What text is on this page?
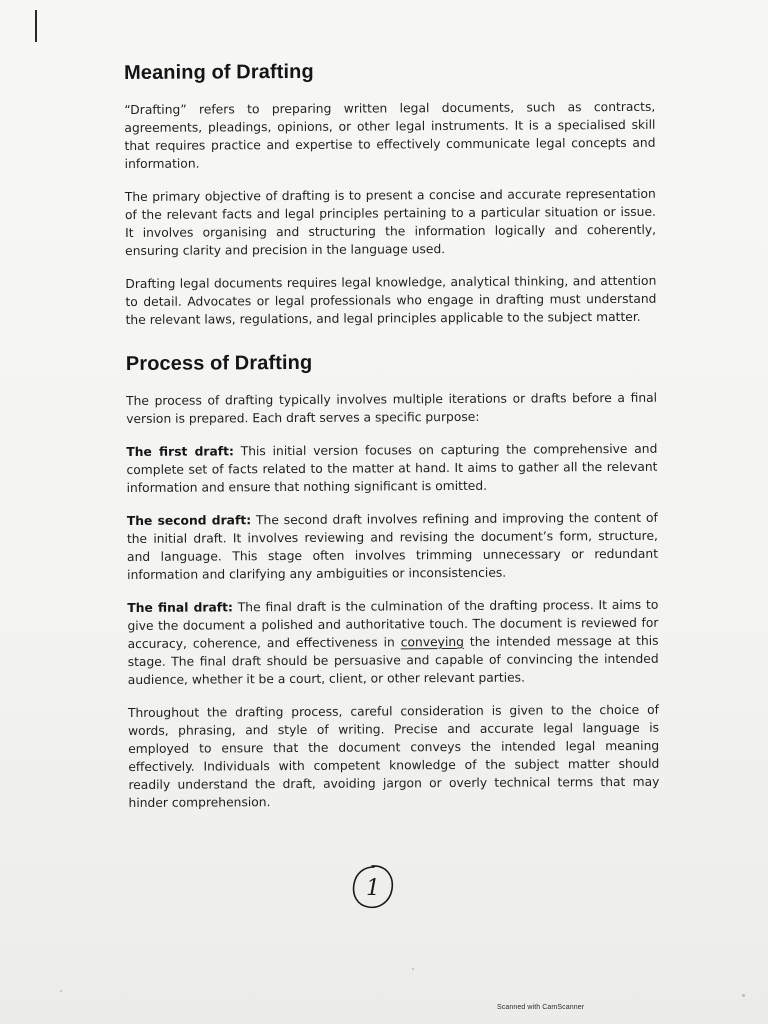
Meaning of Drafting

“Drafting” refers to preparing written legal documents, such as contracts, agreements, pleadings, opinions, or other legal instruments. It is a specialised skill that requires practice and expertise to effectively communicate legal concepts and information.

The primary objective of drafting is to present a concise and accurate representation of the relevant facts and legal principles pertaining to a particular situation or issue. It involves organising and structuring the information logically and coherently, ensuring clarity and precision in the language used.

Drafting legal documents requires legal knowledge, analytical thinking, and attention to detail. Advocates or legal professionals who engage in drafting must understand the relevant laws, regulations, and legal principles applicable to the subject matter.

Process of Drafting

The process of drafting typically involves multiple iterations or drafts before a final version is prepared. Each draft serves a specific purpose:

The first draft: This initial version focuses on capturing the comprehensive and complete set of facts related to the matter at hand. It aims to gather all the relevant information and ensure that nothing significant is omitted.

The second draft: The second draft involves refining and improving the content of the initial draft. It involves reviewing and revising the document’s form, structure, and language. This stage often involves trimming unnecessary or redundant information and clarifying any ambiguities or inconsistencies.

The final draft: The final draft is the culmination of the drafting process. It aims to give the document a polished and authoritative touch. The document is reviewed for accuracy, coherence, and effectiveness in conveying the intended message at this stage. The final draft should be persuasive and capable of convincing the intended audience, whether it be a court, client, or other relevant parties.

Throughout the drafting process, careful consideration is given to the choice of words, phrasing, and style of writing. Precise and accurate legal language is employed to ensure that the document conveys the intended legal meaning effectively. Individuals with competent knowledge of the subject matter should readily understand the draft, avoiding jargon or overly technical terms that may hinder comprehension.

1
Scanned with CamScanner
